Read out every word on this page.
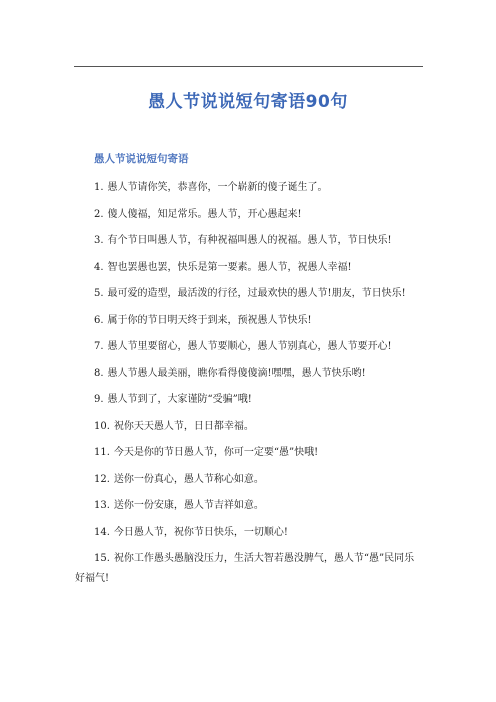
愚人节说说短句寄语90句
愚人节说说短句寄语
1. 愚人节请你笑，恭喜你，一个崭新的傻子诞生了。
2. 傻人傻福，知足常乐。愚人节，开心愚起来!
3. 有个节日叫愚人节，有种祝福叫愚人的祝福。愚人节，节日快乐!
4. 智也罢愚也罢，快乐是第一要素。愚人节，祝愚人幸福!
5. 最可爱的造型，最活泼的行径，过最欢快的愚人节!朋友，节日快乐!
6. 属于你的节日明天终于到来，预祝愚人节快乐!
7. 愚人节里要留心，愚人节要顺心，愚人节别真心，愚人节要开心!
8. 愚人节愚人最美丽，瞧你看得傻傻滴!嘿嘿，愚人节快乐哟!
9. 愚人节到了，大家谨防“受骗”哦!
10. 祝你天天愚人节，日日都幸福。
11. 今天是你的节日愚人节，你可一定要“愚”快哦!
12. 送你一份真心，愚人节称心如意。
13. 送你一份安康，愚人节吉祥如意。
14. 今日愚人节，祝你节日快乐，一切顺心!
15. 祝你工作愚头愚脑没压力，生活大智若愚没脾气，愚人节“愚”民同乐
好福气!
